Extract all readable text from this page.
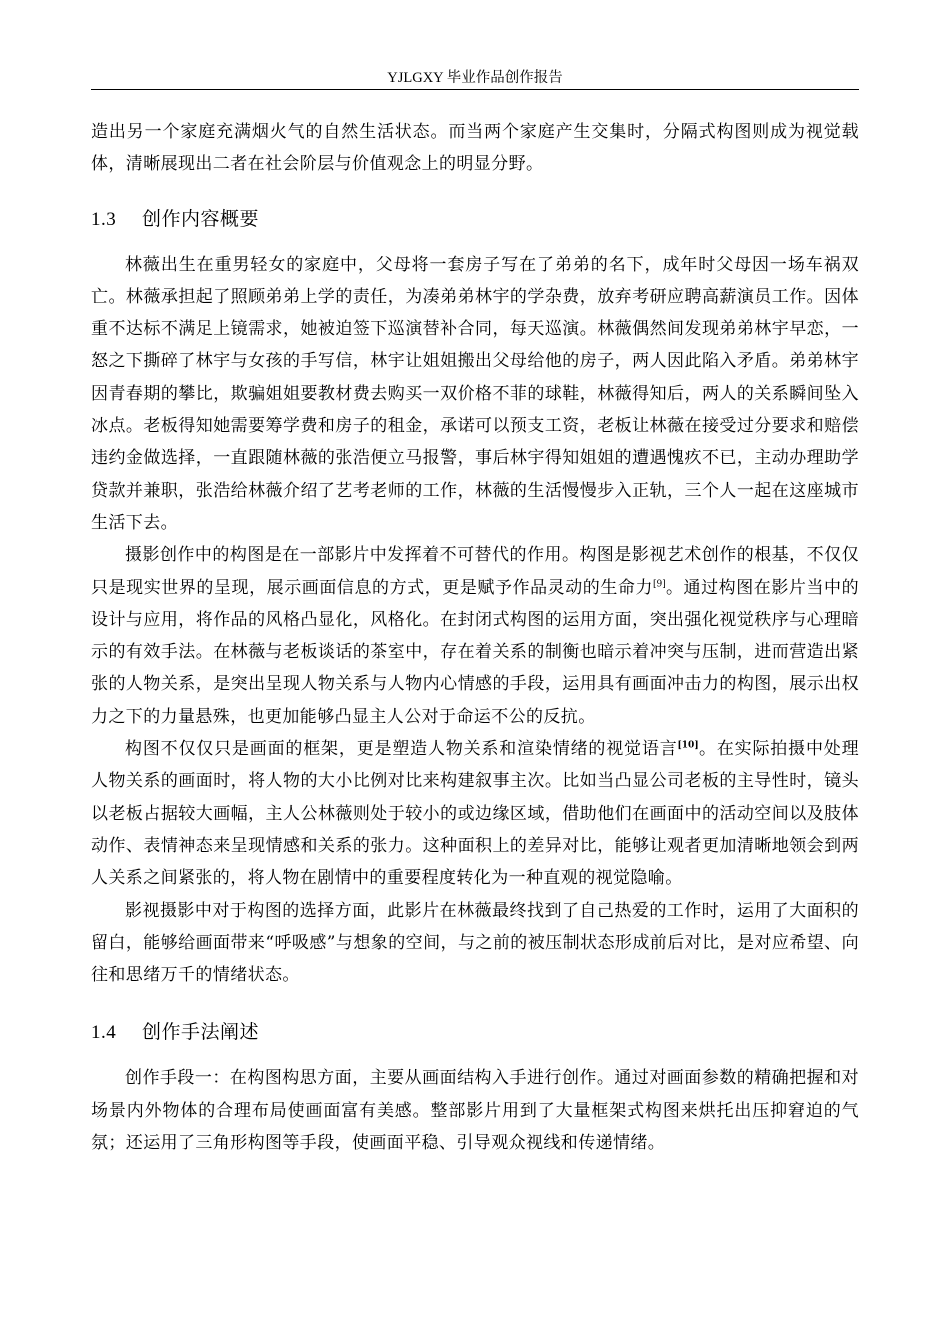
YJLGXY 毕业作品创作报告

造出另一个家庭充满烟火气的自然生活状态。而当两个家庭产生交集时，分隔式构图则成为视觉载体，清晰展现出二者在社会阶层与价值观念上的明显分野。

1.3 创作内容概要

林薇出生在重男轻女的家庭中，父母将一套房子写在了弟弟的名下，成年时父母因一场车祸双亡。林薇承担起了照顾弟弟上学的责任，为凑弟弟林宇的学杂费，放弃考研应聘高薪演员工作。因体重不达标不满足上镜需求，她被迫签下巡演替补合同，每天巡演。林薇偶然间发现弟弟林宇早恋，一怒之下撕碎了林宇与女孩的手写信，林宇让姐姐搬出父母给他的房子，两人因此陷入矛盾。弟弟林宇因青春期的攀比，欺骗姐姐要教材费去购买一双价格不菲的球鞋，林薇得知后，两人的关系瞬间坠入冰点。老板得知她需要筹学费和房子的租金，承诺可以预支工资，老板让林薇在接受过分要求和赔偿违约金做选择，一直跟随林薇的张浩便立马报警，事后林宇得知姐姐的遭遇愧疚不已，主动办理助学贷款并兼职，张浩给林薇介绍了艺考老师的工作，林薇的生活慢慢步入正轨，三个人一起在这座城市生活下去。

摄影创作中的构图是在一部影片中发挥着不可替代的作用。构图是影视艺术创作的根基，不仅仅只是现实世界的呈现，展示画面信息的方式，更是赋予作品灵动的生命力[9]。通过构图在影片当中的设计与应用，将作品的风格凸显化，风格化。在封闭式构图的运用方面，突出强化视觉秩序与心理暗示的有效手法。在林薇与老板谈话的茶室中，存在着关系的制衡也暗示着冲突与压制，进而营造出紧张的人物关系，是突出呈现人物关系与人物内心情感的手段，运用具有画面冲击力的构图，展示出权力之下的力量悬殊，也更加能够凸显主人公对于命运不公的反抗。

构图不仅仅只是画面的框架，更是塑造人物关系和渲染情绪的视觉语言[10]。在实际拍摄中处理人物关系的画面时，将人物的大小比例对比来构建叙事主次。比如当凸显公司老板的主导性时，镜头以老板占据较大画幅，主人公林薇则处于较小的或边缘区域，借助他们在画面中的活动空间以及肢体动作、表情神态来呈现情感和关系的张力。这种面积上的差异对比，能够让观者更加清晰地领会到两人关系之间紧张的，将人物在剧情中的重要程度转化为一种直观的视觉隐喻。

影视摄影中对于构图的选择方面，此影片在林薇最终找到了自己热爱的工作时，运用了大面积的留白，能够给画面带来“呼吸感”与想象的空间，与之前的被压制状态形成前后对比，是对应希望、向往和思绪万千的情绪状态。

1.4 创作手法阐述

创作手段一：在构图构思方面，主要从画面结构入手进行创作。通过对画面参数的精确把握和对场景内外物体的合理布局使画面富有美感。整部影片用到了大量框架式构图来烘托出压抑窘迫的气氛；还运用了三角形构图等手段，使画面平稳、引导观众视线和传递情绪。
